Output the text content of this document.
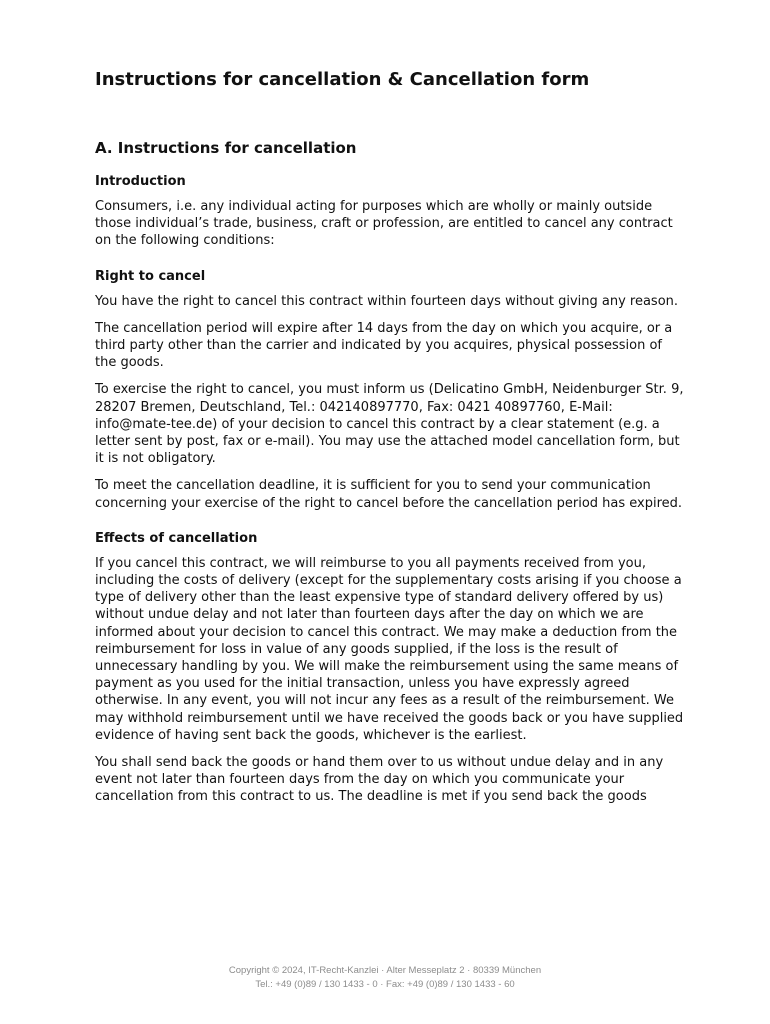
Instructions for cancellation & Cancellation form
A. Instructions for cancellation
Introduction

Consumers, i.e. any individual acting for purposes which are wholly or mainly outside those individual’s trade, business, craft or profession, are entitled to cancel any contract on the following conditions:

Right to cancel

You have the right to cancel this contract within fourteen days without giving any reason.

The cancellation period will expire after 14 days from the day on which you acquire, or a third party other than the carrier and indicated by you acquires, physical possession of the goods.

To exercise the right to cancel, you must inform us (Delicatino GmbH, Neidenburger Str. 9, 28207 Bremen, Deutschland, Tel.: 042140897770, Fax: 0421 40897760, E-Mail: info@mate-tee.de) of your decision to cancel this contract by a clear statement (e.g. a letter sent by post, fax or e-mail). You may use the attached model cancellation form, but it is not obligatory.

To meet the cancellation deadline, it is sufficient for you to send your communication concerning your exercise of the right to cancel before the cancellation period has expired.

Effects of cancellation

If you cancel this contract, we will reimburse to you all payments received from you, including the costs of delivery (except for the supplementary costs arising if you choose a type of delivery other than the least expensive type of standard delivery offered by us) without undue delay and not later than fourteen days after the day on which we are informed about your decision to cancel this contract. We may make a deduction from the reimbursement for loss in value of any goods supplied, if the loss is the result of unnecessary handling by you. We will make the reimbursement using the same means of payment as you used for the initial transaction, unless you have expressly agreed otherwise. In any event, you will not incur any fees as a result of the reimbursement. We may withhold reimbursement until we have received the goods back or you have supplied evidence of having sent back the goods, whichever is the earliest.

You shall send back the goods or hand them over to us without undue delay and in any event not later than fourteen days from the day on which you communicate your cancellation from this contract to us. The deadline is met if you send back the goods

Copyright © 2024, IT-Recht-Kanzlei · Alter Messeplatz 2 · 80339 München
Tel.: +49 (0)89 / 130 1433 - 0 · Fax: +49 (0)89 / 130 1433 - 60
